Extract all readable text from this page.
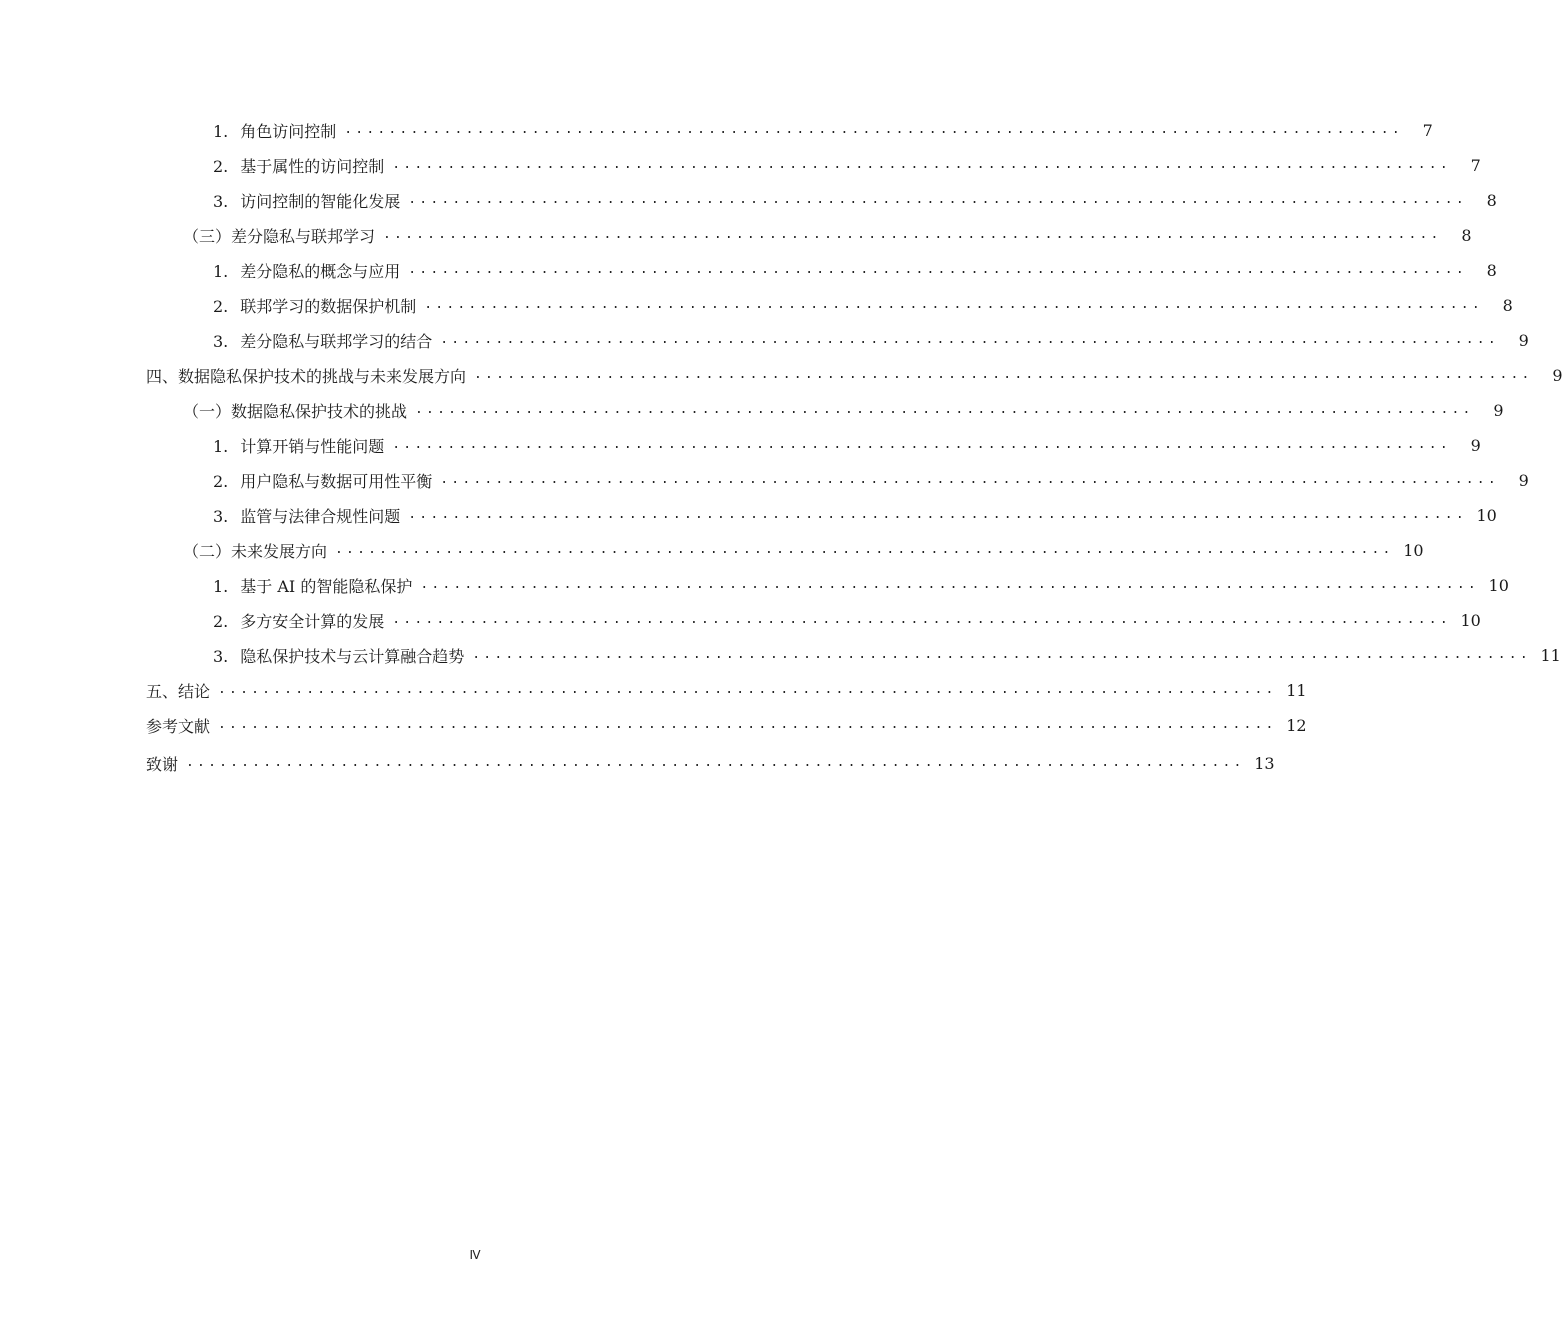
1. 角色访问控制 ................................................................................................	7
2. 基于属性的访问控制 ................................................................................................	7
3. 访问控制的智能化发展 ................................................................................................	8
（三）差分隐私与联邦学习 ................................................................................................	8
1. 差分隐私的概念与应用 ................................................................................................	8
2. 联邦学习的数据保护机制 ................................................................................................	8
3. 差分隐私与联邦学习的结合 ................................................................................................	9
四、数据隐私保护技术的挑战与未来发展方向 ................................................................................................	9
（一）数据隐私保护技术的挑战 ................................................................................................	9
1. 计算开销与性能问题 ................................................................................................	9
2. 用户隐私与数据可用性平衡 ................................................................................................	9
3. 监管与法律合规性问题 ................................................................................................ 10
（二）未来发展方向 ................................................................................................ 10
1. 基于 AI 的智能隐私保护 ................................................................................................ 10
2. 多方安全计算的发展 ................................................................................................ 10
3. 隐私保护技术与云计算融合趋势 ................................................................................................ 11
五、结论 ................................................................................................ 11
参考文献 ................................................................................................ 12
致谢 ................................................................................................ 13
Ⅳ
